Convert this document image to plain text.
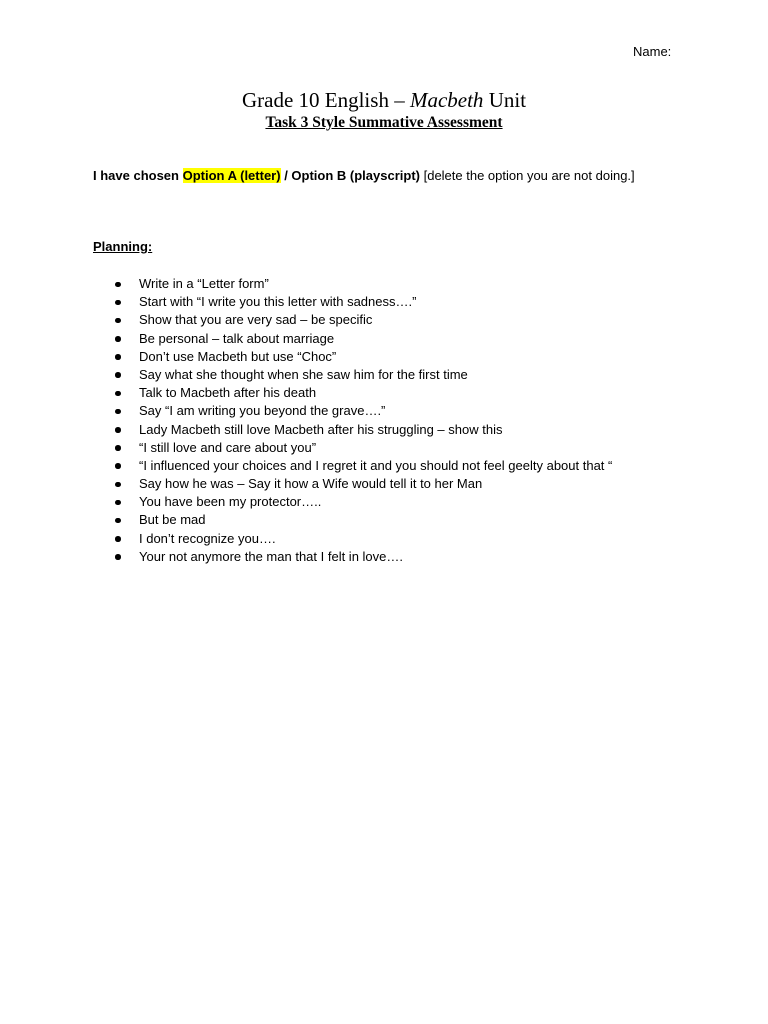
Name:
Grade 10 English – Macbeth Unit
Task 3 Style Summative Assessment
I have chosen Option A (letter) / Option B (playscript) [delete the option you are not doing.]
Planning:
Write in a “Letter form”
Start with “I write you this letter with sadness….”
Show that you are very sad – be specific
Be personal – talk about marriage
Don’t use Macbeth but use “Choc”
Say what she thought when she saw him for the first time
Talk to Macbeth after his death
Say “I am writing you beyond the grave….”
Lady Macbeth still love Macbeth after his struggling – show this
“I still love and care about you”
“I influenced your choices and I regret it and you should not feel geelty about that “
Say how he was – Say it how a Wife would tell it to her Man
You have been my protector…..
But be mad
I don’t recognize you….
Your not anymore the man that I felt in love….
